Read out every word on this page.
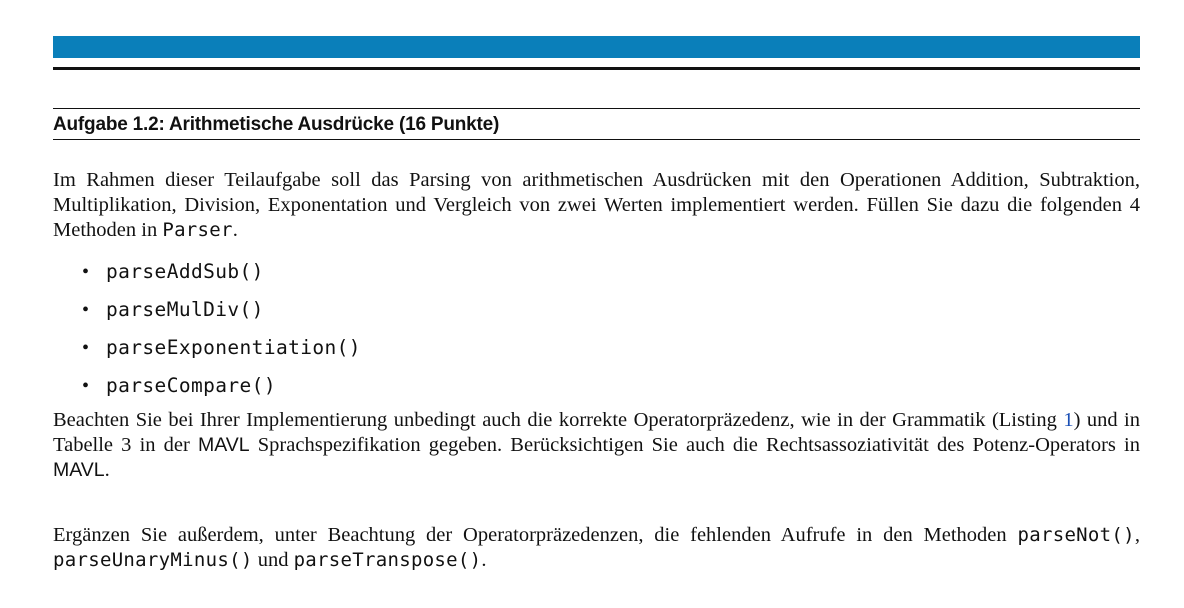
Aufgabe 1.2: Arithmetische Ausdrücke (16 Punkte)
Im Rahmen dieser Teilaufgabe soll das Parsing von arithmetischen Ausdrücken mit den Operationen Addition, Subtraktion, Multiplikation, Division, Exponentation und Vergleich von zwei Werten implementiert werden. Füllen Sie dazu die folgenden 4 Methoden in Parser.
• parseAddSub()
• parseMulDiv()
• parseExponentiation()
• parseCompare()
Beachten Sie bei Ihrer Implementierung unbedingt auch die korrekte Operatorpräzedenz, wie in der Grammatik (Listing 1) und in Tabelle 3 in der MAVL Sprachspezifikation gegeben. Berücksichtigen Sie auch die Rechtsassoziativität des Potenz-Operators in MAVL.
Ergänzen Sie außerdem, unter Beachtung der Operatorpräzedenzen, die fehlenden Aufrufe in den Methoden parseNot(), parseUnaryMinus() und parseTranspose().
